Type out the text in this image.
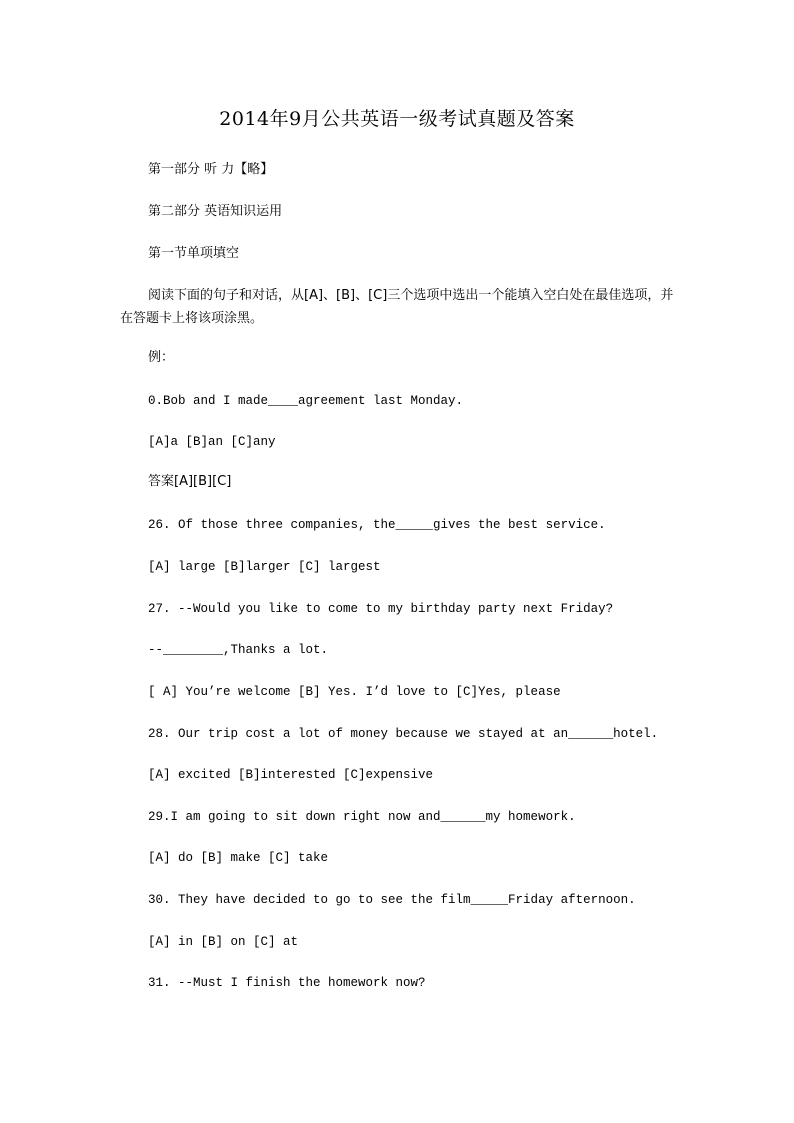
2014年9月公共英语一级考试真题及答案

第一部分 听 力【略】

第二部分 英语知识运用

第一节单项填空

阅读下面的句子和对话，从[A]、[B]、[C]三个选项中选出一个能填入空白处在最佳选项，并在答题卡上将该项涂黑。

例：

0.Bob and I made____agreement last Monday.

[A]a [B]an [C]any

答案[A][B][C]

26. Of those three companies, the_____gives the best service.

[A] large [B]larger [C] largest

27. --Would you like to come to my birthday party next Friday?

--________,Thanks a lot.

[ A] You’re welcome [B] Yes. I’d love to [C]Yes, please

28. Our trip cost a lot of money because we stayed at an______hotel.

[A] excited [B]interested [C]expensive

29.I am going to sit down right now and______my homework.

[A] do [B] make [C] take

30. They have decided to go to see the film_____Friday afternoon.

[A] in [B] on [C] at

31. --Must I finish the homework now?
